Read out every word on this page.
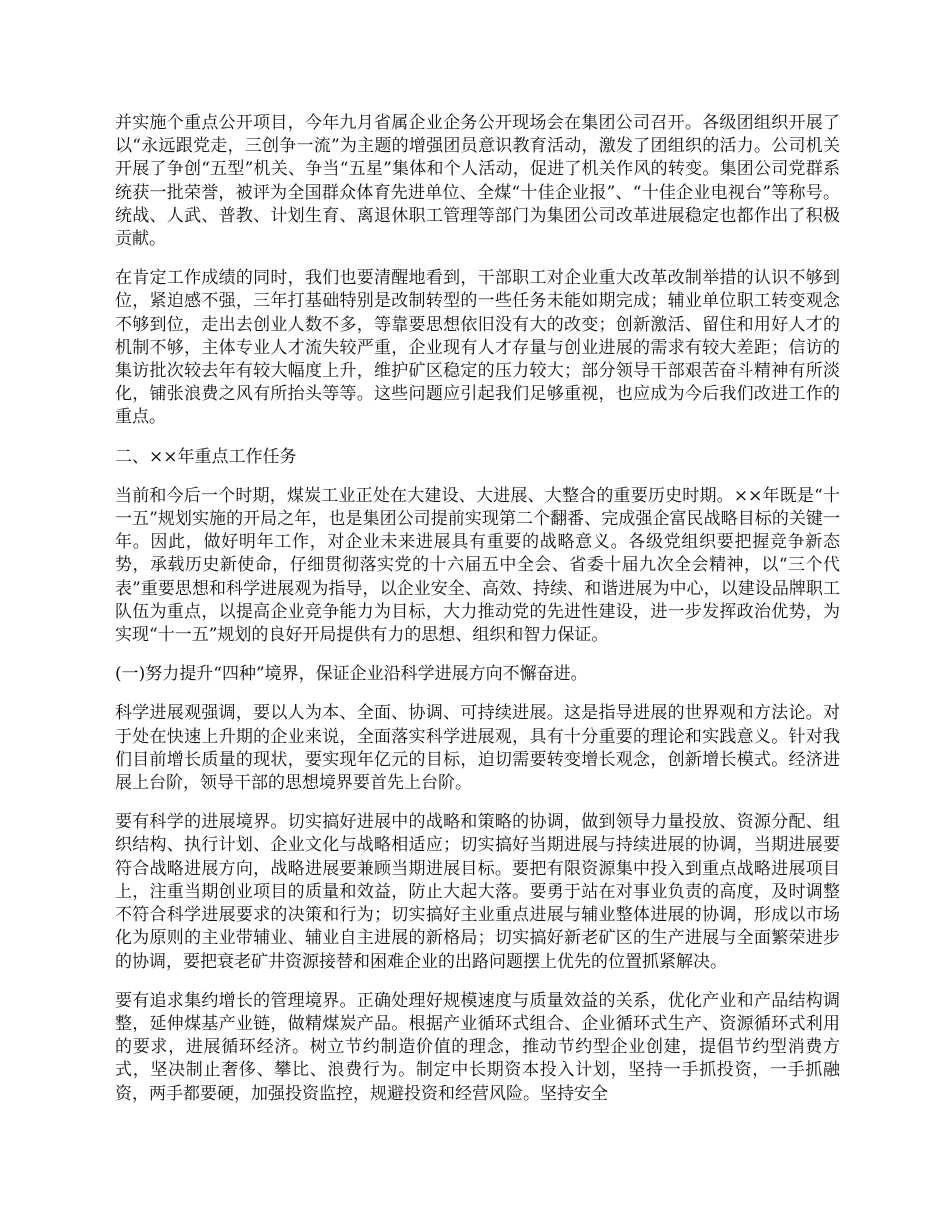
并实施个重点公开项目，今年九月省属企业企务公开现场会在集团公司召开。各级团组织开展了以“永远跟党走，三创争一流”为主题的增强团员意识教育活动，激发了团组织的活力。公司机关开展了争创“五型”机关、争当“五星”集体和个人活动，促进了机关作风的转变。集团公司党群系统获一批荣誉，被评为全国群众体育先进单位、全煤“十佳企业报”、“十佳企业电视台”等称号。统战、人武、普教、计划生育、离退休职工管理等部门为集团公司改革进展稳定也都作出了积极贡献。

在肯定工作成绩的同时，我们也要清醒地看到，干部职工对企业重大改革改制举措的认识不够到位，紧迫感不强，三年打基础特别是改制转型的一些任务未能如期完成；辅业单位职工转变观念不够到位，走出去创业人数不多，等靠要思想依旧没有大的改变；创新激活、留住和用好人才的机制不够，主体专业人才流失较严重，企业现有人才存量与创业进展的需求有较大差距；信访的集访批次较去年有较大幅度上升，维护矿区稳定的压力较大；部分领导干部艰苦奋斗精神有所淡化，铺张浪费之风有所抬头等等。这些问题应引起我们足够重视，也应成为今后我们改进工作的重点。

二、××年重点工作任务

当前和今后一个时期，煤炭工业正处在大建设、大进展、大整合的重要历史时期。××年既是“十一五”规划实施的开局之年，也是集团公司提前实现第二个翻番、完成强企富民战略目标的关键一年。因此，做好明年工作，对企业未来进展具有重要的战略意义。各级党组织要把握竞争新态势，承载历史新使命，仔细贯彻落实党的十六届五中全会、省委十届九次全会精神，以“三个代表”重要思想和科学进展观为指导，以企业安全、高效、持续、和谐进展为中心，以建设品牌职工队伍为重点，以提高企业竞争能力为目标，大力推动党的先进性建设，进一步发挥政治优势，为实现“十一五”规划的良好开局提供有力的思想、组织和智力保证。

(一)努力提升“四种”境界，保证企业沿科学进展方向不懈奋进。

科学进展观强调，要以人为本、全面、协调、可持续进展。这是指导进展的世界观和方法论。对于处在快速上升期的企业来说，全面落实科学进展观，具有十分重要的理论和实践意义。针对我们目前增长质量的现状，要实现年亿元的目标，迫切需要转变增长观念，创新增长模式。经济进展上台阶，领导干部的思想境界要首先上台阶。

要有科学的进展境界。切实搞好进展中的战略和策略的协调，做到领导力量投放、资源分配、组织结构、执行计划、企业文化与战略相适应；切实搞好当期进展与持续进展的协调，当期进展要符合战略进展方向，战略进展要兼顾当期进展目标。要把有限资源集中投入到重点战略进展项目上，注重当期创业项目的质量和效益，防止大起大落。要勇于站在对事业负责的高度，及时调整不符合科学进展要求的决策和行为；切实搞好主业重点进展与辅业整体进展的协调，形成以市场化为原则的主业带辅业、辅业自主进展的新格局；切实搞好新老矿区的生产进展与全面繁荣进步的协调，要把衰老矿井资源接替和困难企业的出路问题摆上优先的位置抓紧解决。

要有追求集约增长的管理境界。正确处理好规模速度与质量效益的关系，优化产业和产品结构调整，延伸煤基产业链，做精煤炭产品。根据产业循环式组合、企业循环式生产、资源循环式利用的要求，进展循环经济。树立节约制造价值的理念，推动节约型企业创建，提倡节约型消费方式，坚决制止奢侈、攀比、浪费行为。制定中长期资本投入计划，坚持一手抓投资，一手抓融资，两手都要硬，加强投资监控，规避投资和经营风险。坚持安全
